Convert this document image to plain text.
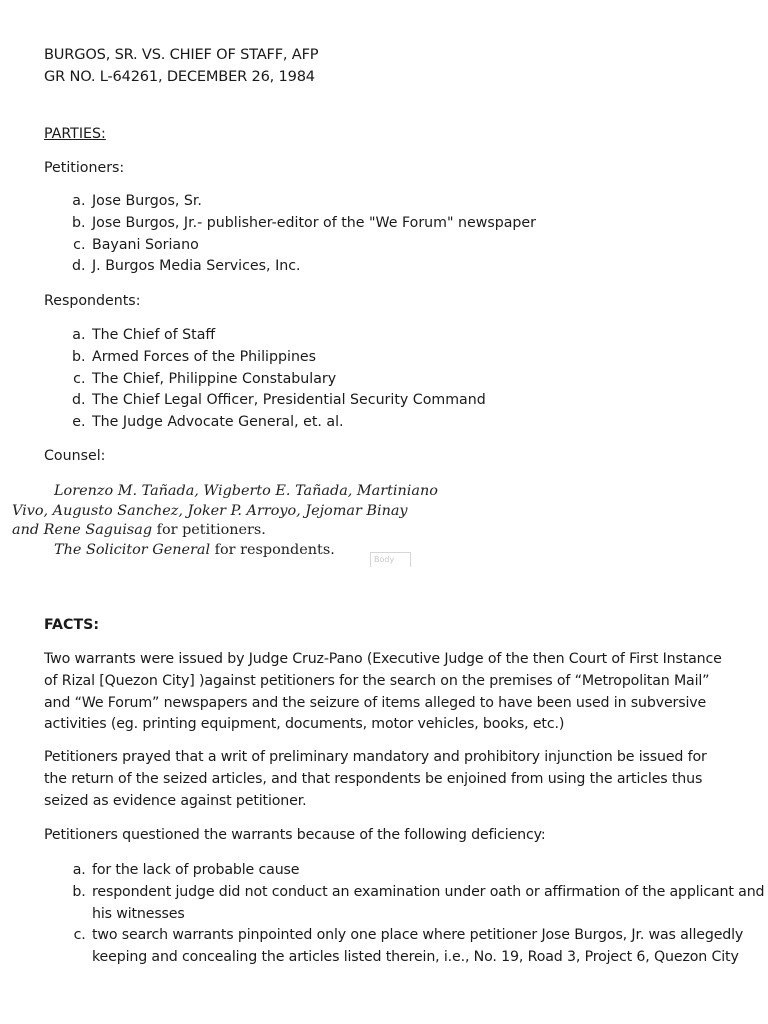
BURGOS, SR. VS. CHIEF OF STAFF, AFP
GR NO. L-64261, DECEMBER 26, 1984
PARTIES:
Petitioners:
a. Jose Burgos, Sr.
b. Jose Burgos, Jr.- publisher-editor of the "We Forum" newspaper
c. Bayani Soriano
d. J. Burgos Media Services, Inc.
Respondents:
a. The Chief of Staff
b. Armed Forces of the Philippines
c. The Chief, Philippine Constabulary
d. The Chief Legal Officer, Presidential Security Command
e. The Judge Advocate General, et. al.
Counsel:
FACTS:
Two warrants were issued by Judge Cruz-Pano (Executive Judge of the then Court of First Instance of Rizal [Quezon City] )against petitioners for the search on the premises of “Metropolitan Mail” and “We Forum” newspapers and the seizure of items alleged to have been used in subversive activities (eg. printing equipment, documents, motor vehicles, books, etc.)
Petitioners prayed that a writ of preliminary mandatory and prohibitory injunction be issued for the return of the seized articles, and that respondents be enjoined from using the articles thus seized as evidence against petitioner.
Petitioners questioned the warrants because of the following deficiency:
a. for the lack of probable cause
b. respondent judge did not conduct an examination under oath or affirmation of the applicant and his witnesses
c. two search warrants pinpointed only one place where petitioner Jose Burgos, Jr. was allegedly keeping and concealing the articles listed therein, i.e., No. 19, Road 3, Project 6, Quezon City
Lorenzo M. Tañada, Wigberto E. Tañada, Martiniano
Vivo, Augusto Sanchez, Joker P. Arroyo, Jejomar Binay
and Rene Saguisag for petitioners.
The Solicitor General for respondents.
Body
